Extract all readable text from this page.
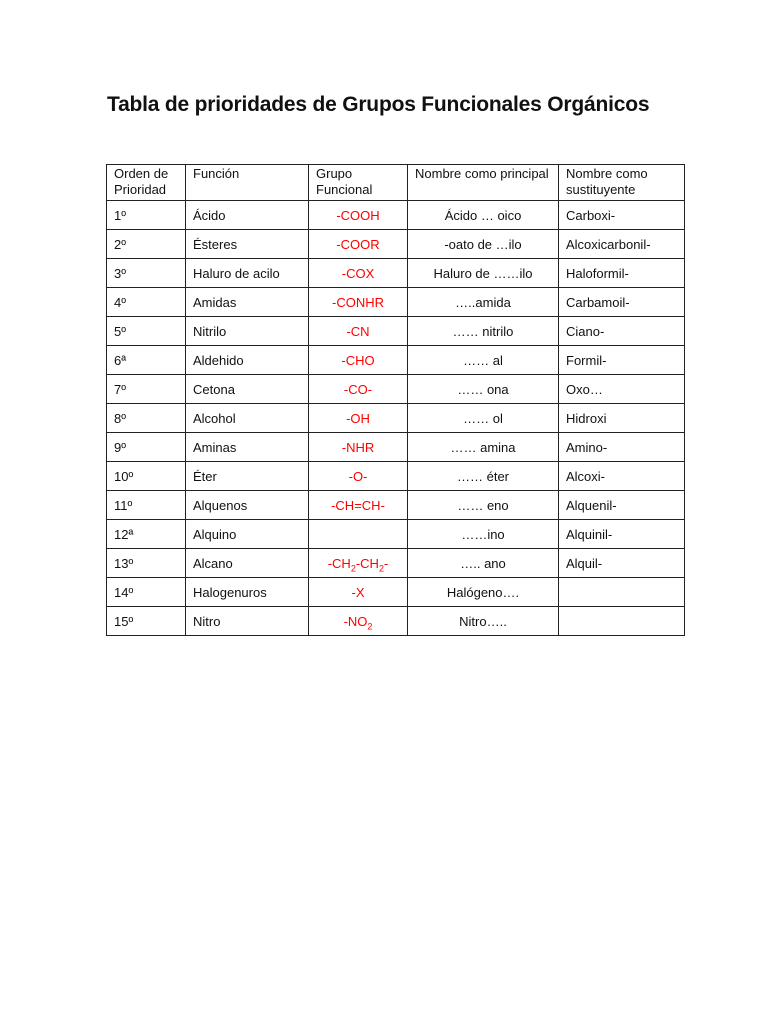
Tabla de prioridades de Grupos Funcionales Orgánicos
Orden de Prioridad	Función	Grupo Funcional	Nombre como principal	Nombre como sustituyente
1º	Ácido	-COOH	Ácido … oico	Carboxi-
2º	Ésteres	-COOR	-oato de …ilo	Alcoxicarbonil-
3º	Haluro de acilo	-COX	Haluro de ……ilo	Haloformil-
4º	Amidas	-CONHR	…..amida	Carbamoil-
5º	Nitrilo	-CN	…… nitrilo	Ciano-
6ª	Aldehido	-CHO	…… al	Formil-
7º	Cetona	-CO-	…… ona	Oxo…
8º	Alcohol	-OH	…… ol	Hidroxi
9º	Aminas	-NHR	…… amina	Amino-
10º	Éter	-O-	…… éter	Alcoxi-
11º	Alquenos	-CH=CH-	…… eno	Alquenil-
12ª	Alquino		……ino	Alquinil-
13º	Alcano	$-CH_2-CH_2-$	….. ano	Alquil-
14º	Halogenuros	-X	Halógeno….	
15º	Nitro	$-NO_2$	Nitro…..	
